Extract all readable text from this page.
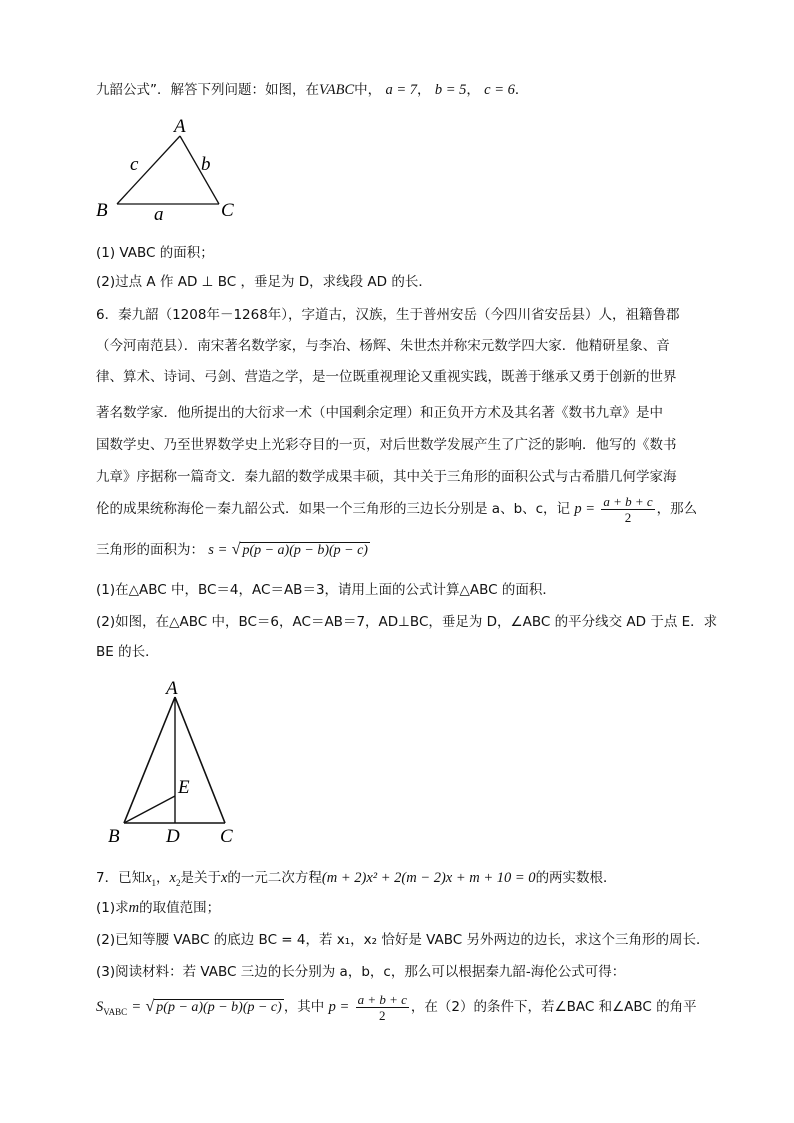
九韶公式”．解答下列问题：如图，在VABC中， a = 7， b = 5， c = 6．
A
B	C
c	b
a
(1) VABC 的面积；
(2)过点 A 作 AD ⊥ BC ，垂足为 D，求线段 AD 的长．
6．秦九韶（1208年－1268年），字道古，汉族，生于普州安岳（今四川省安岳县）人，祖籍鲁郡
（今河南范县）．南宋著名数学家，与李冶、杨辉、朱世杰并称宋元数学四大家．他精研星象、音
律、算术、诗词、弓剑、营造之学，是一位既重视理论又重视实践，既善于继承又勇于创新的世界
著名数学家．他所提出的大衍求一术（中国剩余定理）和正负开方术及其名著《数书九章》是中
国数学史、乃至世界数学史上光彩夺目的一页，对后世数学发展产生了广泛的影响．他写的《数书
九章》序据称一篇奇文．秦九韶的数学成果丰硕，其中关于三角形的面积公式与古希腊几何学家海
伦的成果统称海伦－秦九韶公式．如果一个三角形的三边长分别是 a、b、c，记 $p = \frac{a + b + c}{2}$ ，那么
三角形的面积为： s = √ p(p − a)(p − b)(p − c)
(1)在△ABC 中，BC＝4，AC＝AB＝3，请用上面的公式计算△ABC 的面积．
(2)如图，在△ABC 中，BC＝6，AC＝AB＝7，AD⊥BC，垂足为 D，∠ABC 的平分线交 AD 于点 E．求
BE 的长．
A
B	C
D
E
7．已知$x_1$，$x_2$是关于x的一元二次方程(m + 2)x² + 2(m − 2)x + m + 10 = 0的两实数根．
(1)求m的取值范围；
(2)已知等腰 VABC 的底边 BC = 4，若 x₁，x₂ 恰好是 VABC 另外两边的边长，求这个三角形的周长．
(3)阅读材料：若 VABC 三边的长分别为 a，b，c，那么可以根据秦九韶-海伦公式可得：
$S_{VABC}$ = √ p(p − a)(p − b)(p − c) ，其中 $p = \frac{a + b + c}{2}$ ，在（2）的条件下，若∠BAC 和∠ABC 的角平
